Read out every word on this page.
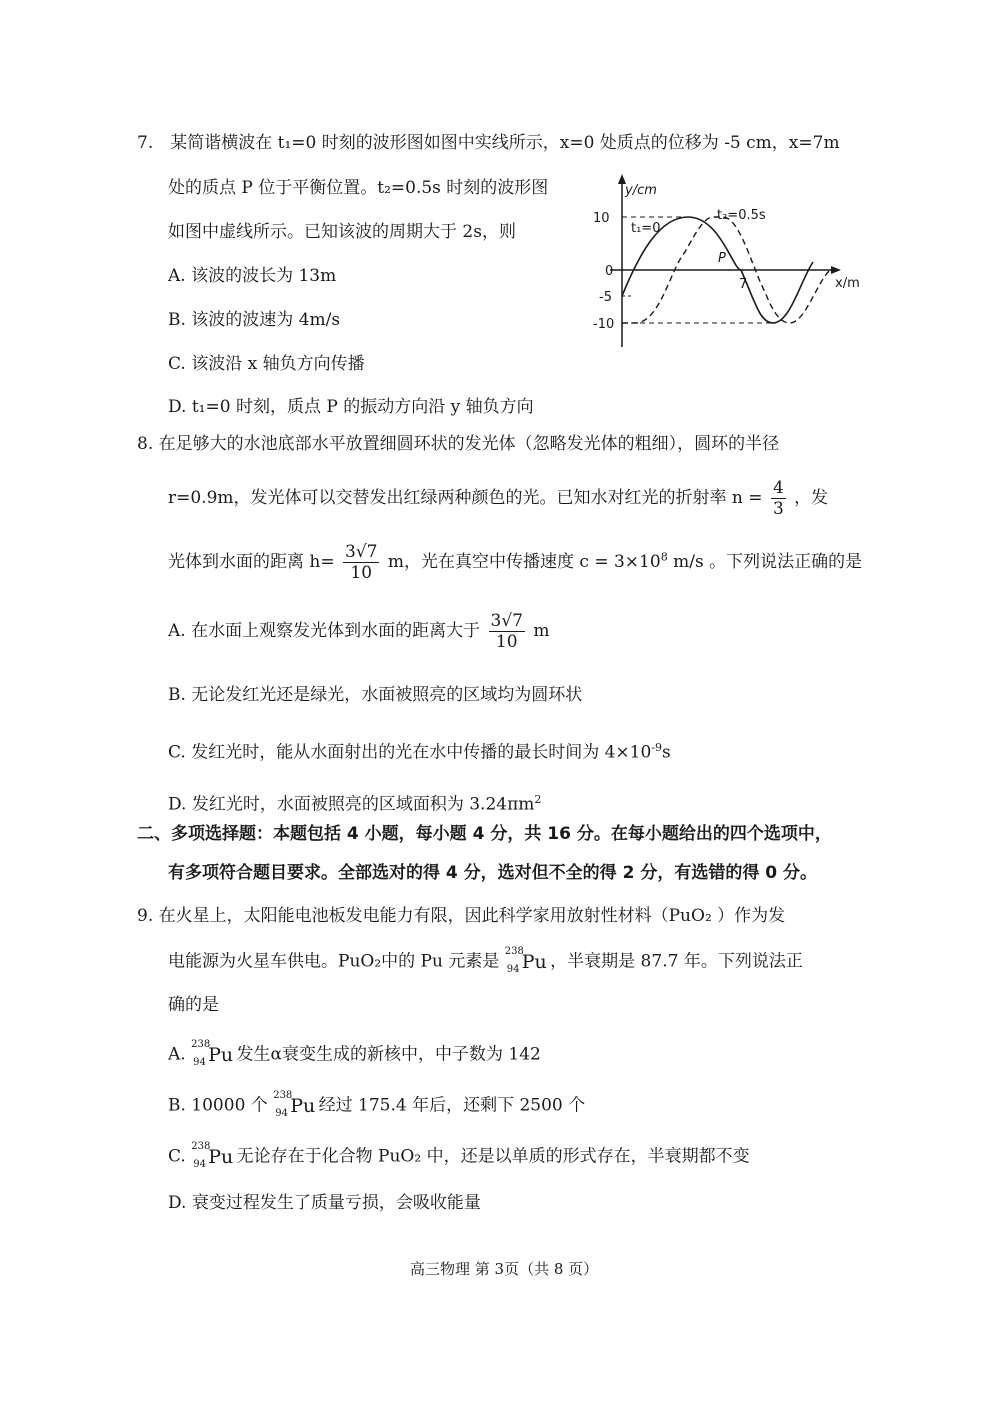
7.　某简谐横波在 t₁=0 时刻的波形图如图中实线所示，x=0 处质点的位移为 -5 cm，x=7m
处的质点 P 位于平衡位置。t₂=0.5s 时刻的波形图
如图中虚线所示。已知该波的周期大于 2s，则
A. 该波的波长为 13m
B. 该波的波速为 4m/s
C. 该波沿 x 轴负方向传播
D. t₁=0 时刻，质点 P 的振动方向沿 y 轴负方向
y/cm
x/m
10
0
-5
-10
7
t₁=0
t₂=0.5s
P
8. 在足够大的水池底部水平放置细圆环状的发光体（忽略发光体的粗细），圆环的半径
r=0.9m，发光体可以交替发出红绿两种颜色的光。已知水对红光的折射率 $n = \frac{4}{3}$ ，发
光体到水面的距离 $h= \frac{3√7}{10}$ m，光在真空中传播速度 $c = 3\times 10^8$ m/s 。下列说法正确的是
A. 在水面上观察发光体到水面的距离大于 $\frac{3√7}{10}$ m
B. 无论发红光还是绿光，水面被照亮的区域均为圆环状
C. 发红光时，能从水面射出的光在水中传播的最长时间为 $4\times 10^{-9}s$
D. 发红光时，水面被照亮的区域面积为 $3.24\pi m^2$
二、多项选择题：本题包括 4 小题，每小题 4 分，共 16 分。在每小题给出的四个选项中，
有多项符合题目要求。全部选对的得 4 分，选对但不全的得 2 分，有选错的得 0 分。
9. 在火星上，太阳能电池板发电能力有限，因此科学家用放射性材料（PuO₂ ）作为发
电能源为火星车供电。PuO₂中的 Pu 元素是 238
94 Pu ，半衰期是 87.7 年。下列说法正
确的是
A. 238
94 Pu 发生α衰变生成的新核中，中子数为 142
B. 10000 个 238
94 Pu 经过 175.4 年后，还剩下 2500 个
C. 238
94 Pu 无论存在于化合物 PuO₂ 中，还是以单质的形式存在，半衰期都不变
D. 衰变过程发生了质量亏损，会吸收能量
高三物理 第 3页（共 8 页）
